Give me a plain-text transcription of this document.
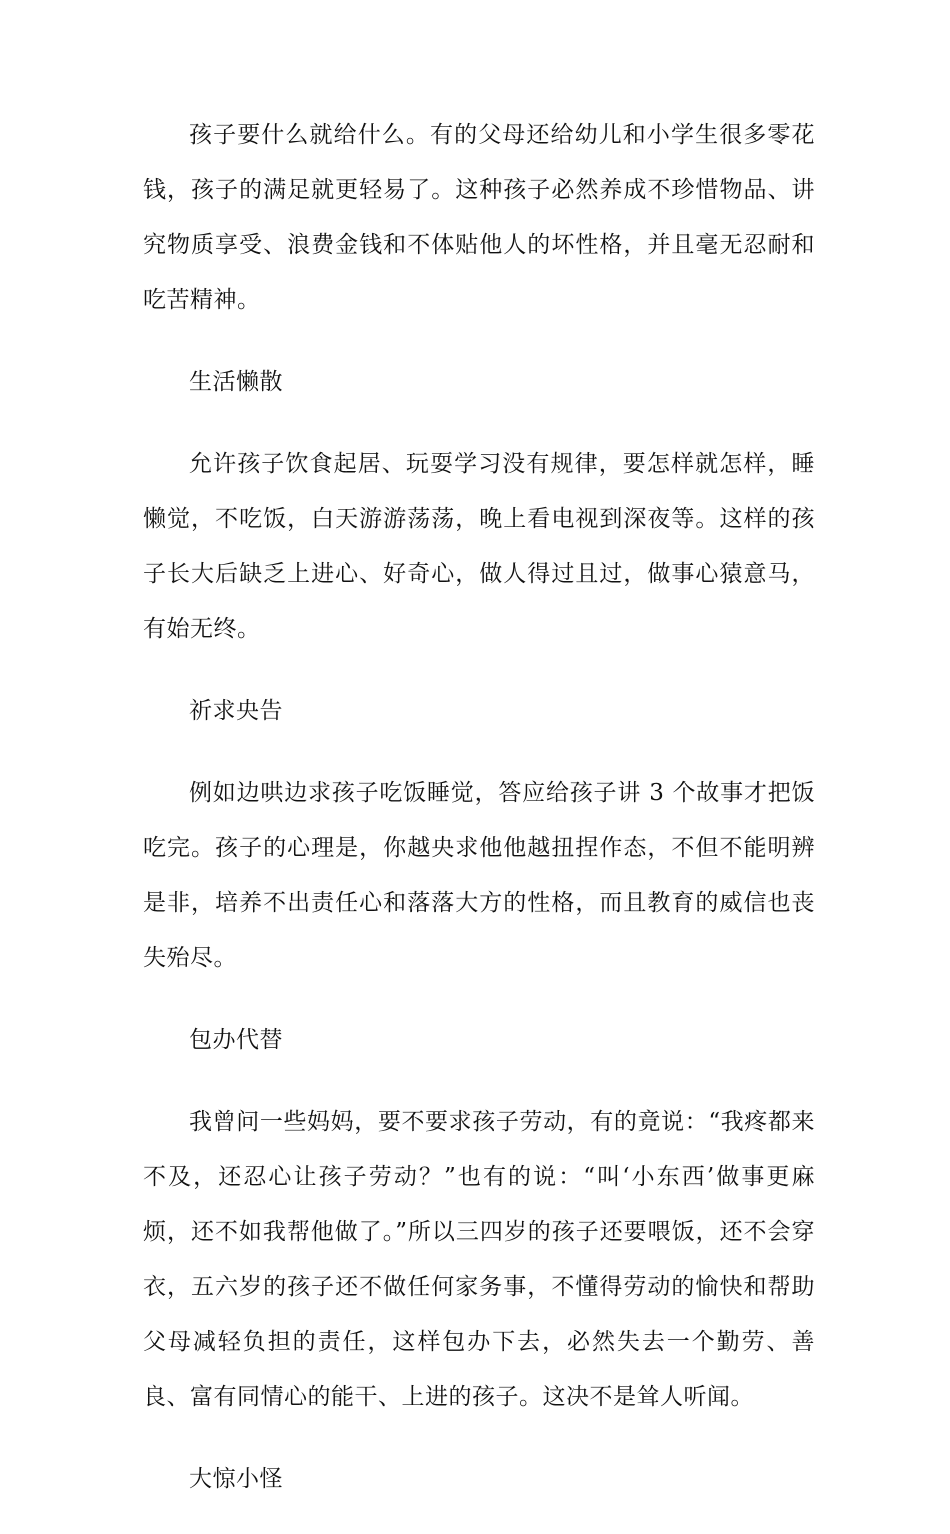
孩子要什么就给什么。有的父母还给幼儿和小学生很多零花钱，孩子的满足就更轻易了。这种孩子必然养成不珍惜物品、讲究物质享受、浪费金钱和不体贴他人的坏性格，并且毫无忍耐和吃苦精神。

生活懒散

允许孩子饮食起居、玩耍学习没有规律，要怎样就怎样，睡懒觉，不吃饭，白天游游荡荡，晚上看电视到深夜等。这样的孩子长大后缺乏上进心、好奇心，做人得过且过，做事心猿意马，有始无终。

祈求央告

例如边哄边求孩子吃饭睡觉，答应给孩子讲 3 个故事才把饭吃完。孩子的心理是，你越央求他他越扭捏作态，不但不能明辨是非，培养不出责任心和落落大方的性格，而且教育的威信也丧失殆尽。

包办代替

我曾问一些妈妈，要不要求孩子劳动，有的竟说：“我疼都来不及，还忍心让孩子劳动？”也有的说：“叫‘小东西’做事更麻烦，还不如我帮他做了。”所以三四岁的孩子还要喂饭，还不会穿衣，五六岁的孩子还不做任何家务事，不懂得劳动的愉快和帮助父母减轻负担的责任，这样包办下去，必然失去一个勤劳、善良、富有同情心的能干、上进的孩子。这决不是耸人听闻。

大惊小怪
